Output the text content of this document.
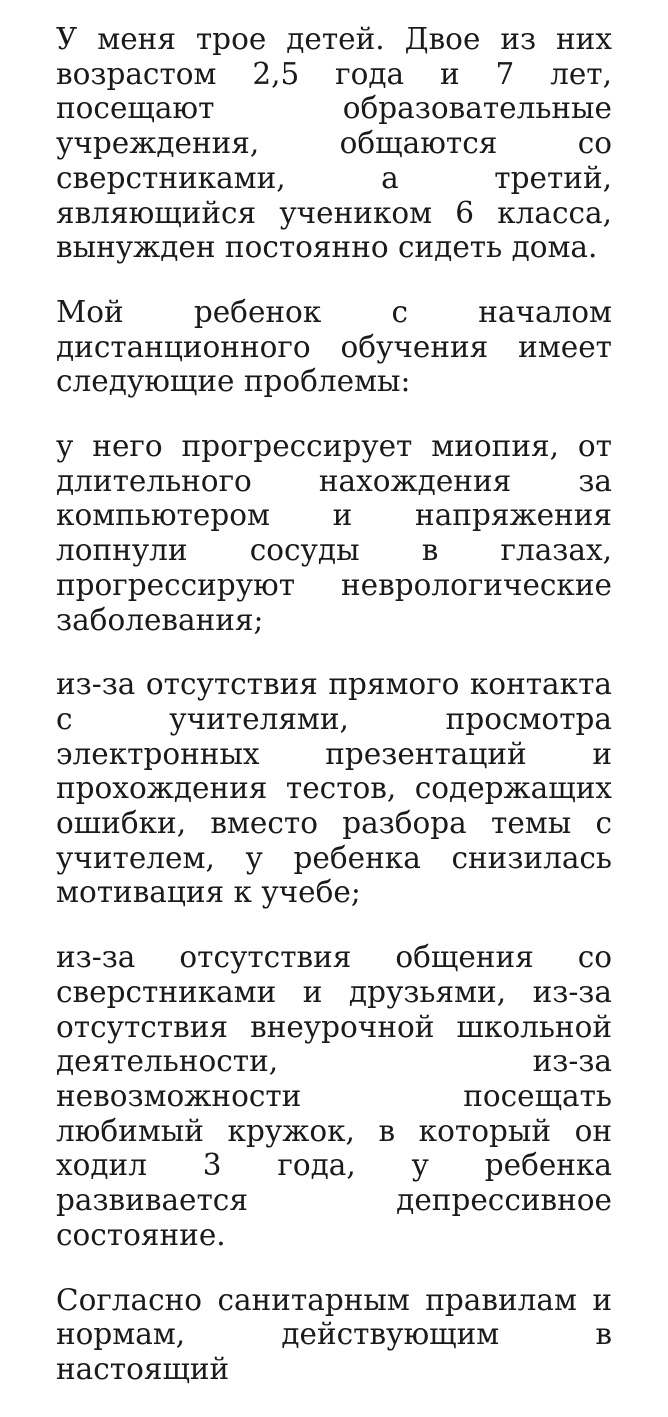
У меня трое детей. Двое из них возрастом 2,5 года и 7 лет, посещают образовательные учреждения, общаются со сверстниками, а третий, являющийся учеником 6 класса, вынужден постоянно сидеть дома.

Мой ребенок с началом дистанционного обучения имеет следующие проблемы:

у него прогрессирует миопия, от длительного нахождения за компьютером и напряжения лопнули сосуды в глазах, прогрессируют неврологические заболевания;

из-за отсутствия прямого контакта с учителями, просмотра электронных презентаций и прохождения тестов, содержащих ошибки, вместо разбора темы с учителем, у ребенка снизилась мотивация к учебе;

из-за отсутствия общения со сверстниками и друзьями, из-за отсутствия внеурочной школьной деятельности, из-за невозможности посещать любимый кружок, в который он ходил 3 года, у ребенка развивается депрессивное состояние.

Согласно санитарным правилам и нормам, действующим в настоящий
